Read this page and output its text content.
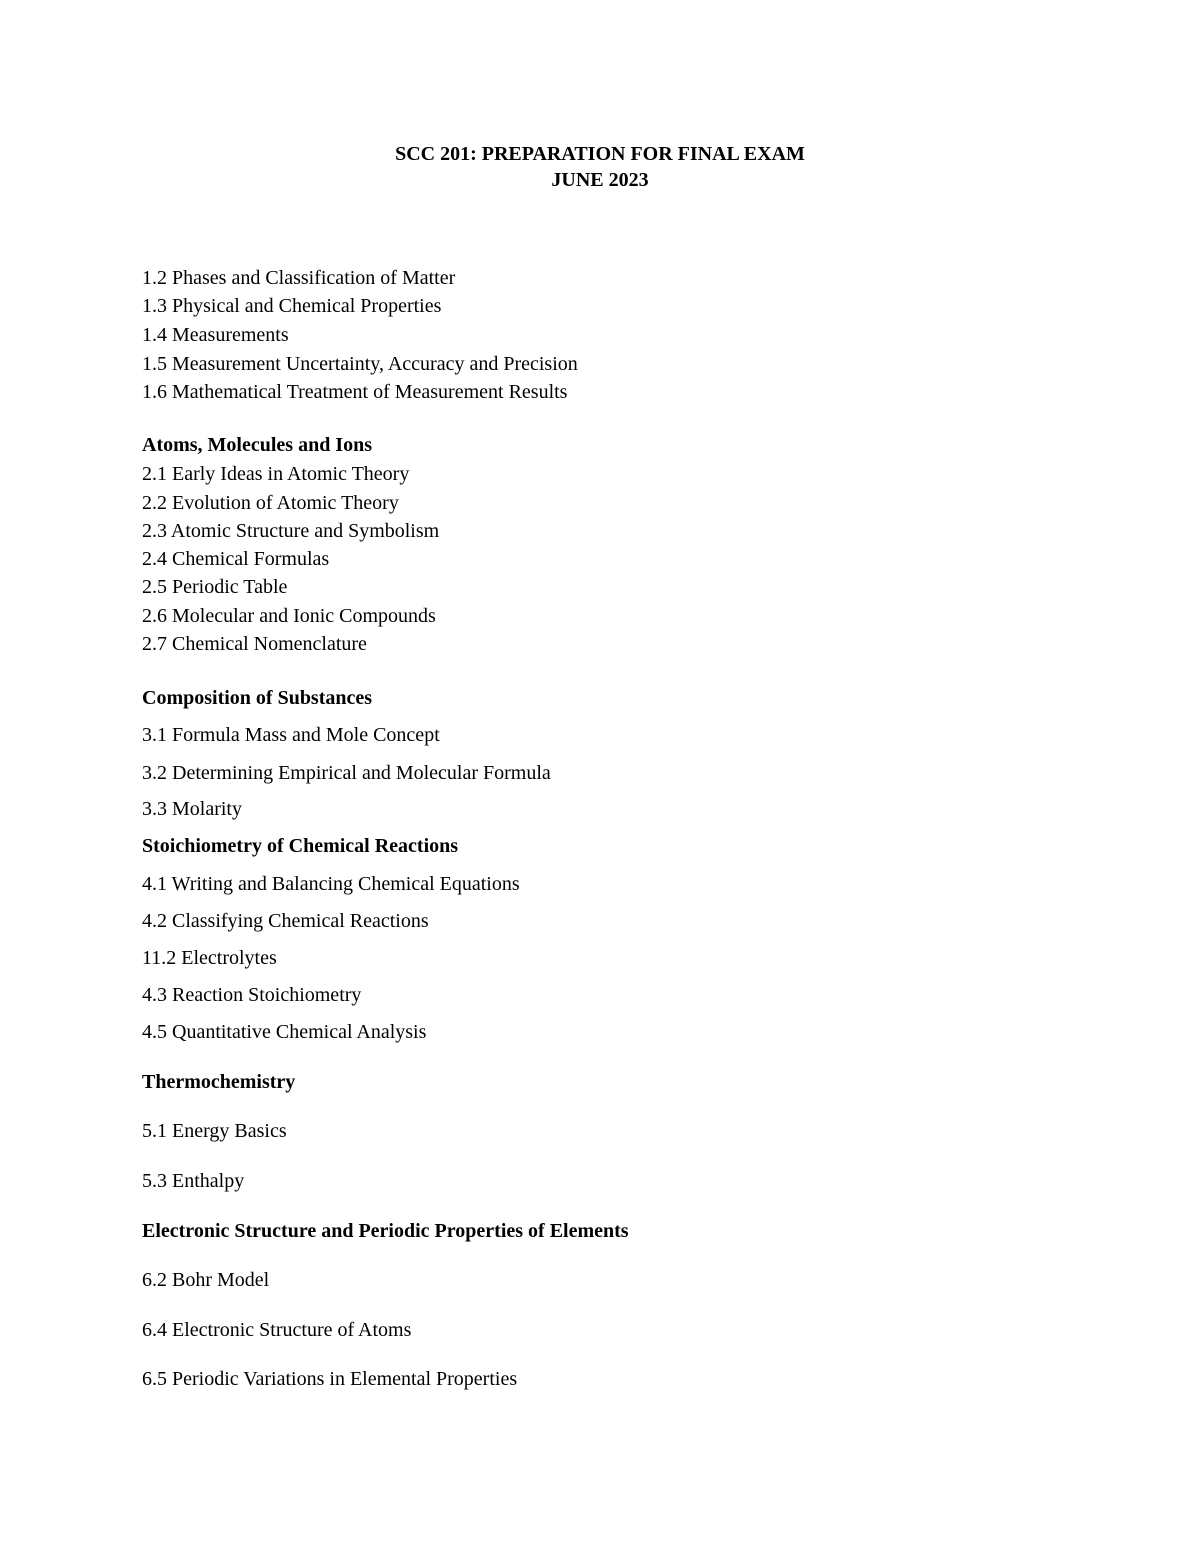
SCC 201: PREPARATION FOR FINAL EXAM
JUNE 2023
1.2 Phases and Classification of Matter
1.3 Physical and Chemical Properties
1.4 Measurements
1.5 Measurement Uncertainty, Accuracy and Precision
1.6 Mathematical Treatment of Measurement Results
Atoms, Molecules and Ions
2.1 Early Ideas in Atomic Theory
2.2 Evolution of Atomic Theory
2.3 Atomic Structure and Symbolism
2.4 Chemical Formulas
2.5 Periodic Table
2.6 Molecular and Ionic Compounds
2.7 Chemical Nomenclature
Composition of Substances
3.1 Formula Mass and Mole Concept
3.2 Determining Empirical and Molecular Formula
3.3 Molarity
Stoichiometry of Chemical Reactions
4.1 Writing and Balancing Chemical Equations
4.2 Classifying Chemical Reactions
11.2 Electrolytes
4.3 Reaction Stoichiometry
4.5 Quantitative Chemical Analysis
Thermochemistry
5.1 Energy Basics
5.3 Enthalpy
Electronic Structure and Periodic Properties of Elements
6.2 Bohr Model
6.4 Electronic Structure of Atoms
6.5 Periodic Variations in Elemental Properties
